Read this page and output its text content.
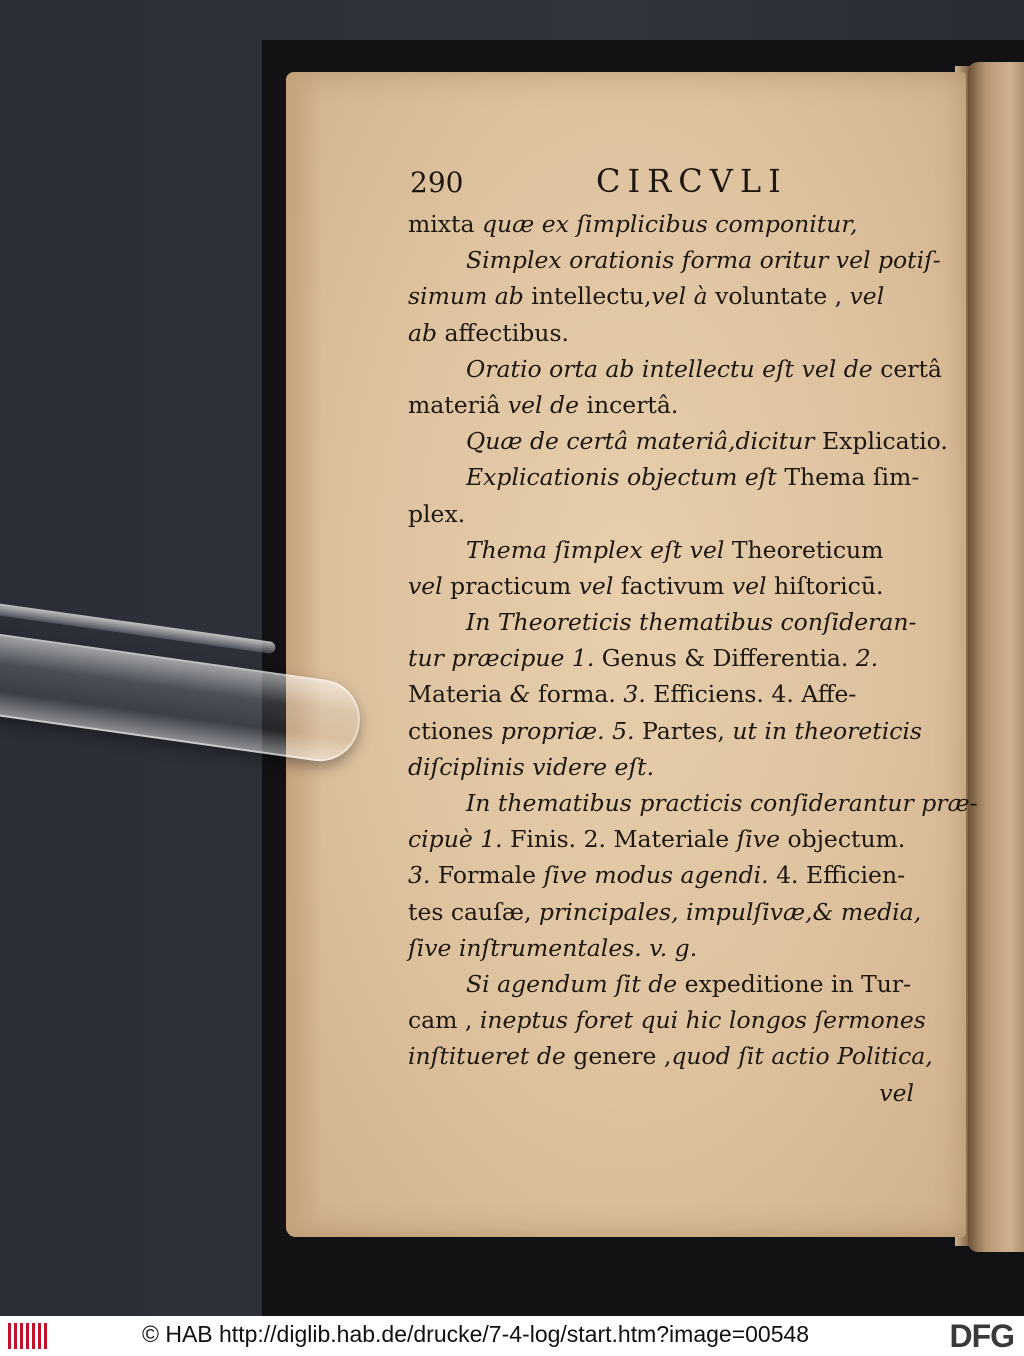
290	CIRCVLI
mixta quæ ex ſimplicibus componitur,
Simplex orationis forma oritur vel potiſ-
simum ab intellectu,vel à voluntate , vel
ab affectibus.
Oratio orta ab intellectu eſt vel de certâ
materiâ vel de incertâ.
Quæ de certâ materiâ,dicitur Explicatio.
Explicationis objectum eſt Thema ſim-
plex.
Thema ſimplex eſt vel Theoreticum
vel practicum vel factivum vel hiſtoricū.
In Theoreticis thematibus conſideran-
tur præcipue 1. Genus & Differentia. 2.
Materia & forma. 3. Efficiens. 4. Affe-
ctiones propriæ. 5. Partes, ut in theoreticis
diſciplinis videre eſt.
In thematibus practicis conſiderantur præ-
cipuè 1. Finis. 2. Materiale ſive objectum.
3. Formale ſive modus agendi. 4. Efficien-
tes cauſæ, principales, impulſivæ,& media,
ſive inſtrumentales. v. g.
Si agendum ſit de expeditione in Tur-
cam , ineptus foret qui hic longos ſermones
inſtitueret de genere ,quod ſit actio Politica,
vel
© HAB http://diglib.hab.de/drucke/7-4-log/start.htm?image=00548	DFG
